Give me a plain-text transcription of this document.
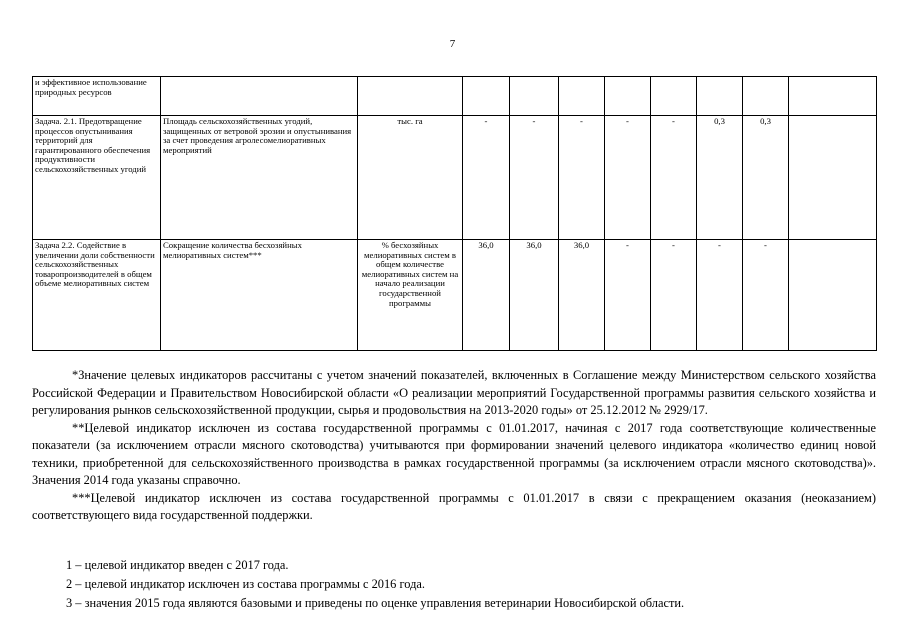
7
и эффективное использование природных ресурсов										
Задача. 2.1. Предотвращение процессов опустынивания территорий для гарантированного обеспечения продуктивности сельскохозяйственных угодий	Площадь сельскохозяйственных угодий, защищенных от ветровой эрозии и опустынивания за счет проведения агролесомелиоративных мероприятий	тыс. га	-	-	-	-	-	0,3	0,3	
Задача 2.2. Содействие в увеличении доли собственности сельскохозяйственных товаропроизводителей в общем объеме мелиоративных систем	Сокращение количества бесхозяйных мелиоративных систем***	% бесхозяйных мелиоративных систем в общем количестве мелиоративных систем на начало реализации государственной программы	36,0	36,0	36,0	-	-	-	-	

*Значение целевых индикаторов рассчитаны с учетом значений показателей, включенных в Соглашение между Министерством сельского хозяйства Российской Федерации и Правительством Новосибирской области «О реализации мероприятий Государственной программы развития сельского хозяйства и регулирования рынков сельскохозяйственной продукции, сырья и продовольствия на 2013-2020 годы» от 25.12.2012 № 2929/17.

**Целевой индикатор исключен из состава государственной программы с 01.01.2017, начиная с 2017 года соответствующие количественные показатели (за исключением отрасли мясного скотоводства) учитываются при формировании значений целевого индикатора «количество единиц новой техники, приобретенной для сельскохозяйственного производства в рамках государственной программы (за исключением отрасли мясного скотоводства)». Значения 2014 года указаны справочно.

***Целевой индикатор исключен из состава государственной программы с 01.01.2017 в связи с прекращением оказания (неоказанием) соответствующего вида государственной поддержки.

1 – целевой индикатор введен с 2017 года.

2 – целевой индикатор исключен из состава программы с 2016 года.

3 – значения 2015 года являются базовыми и приведены по оценке управления ветеринарии Новосибирской области.
